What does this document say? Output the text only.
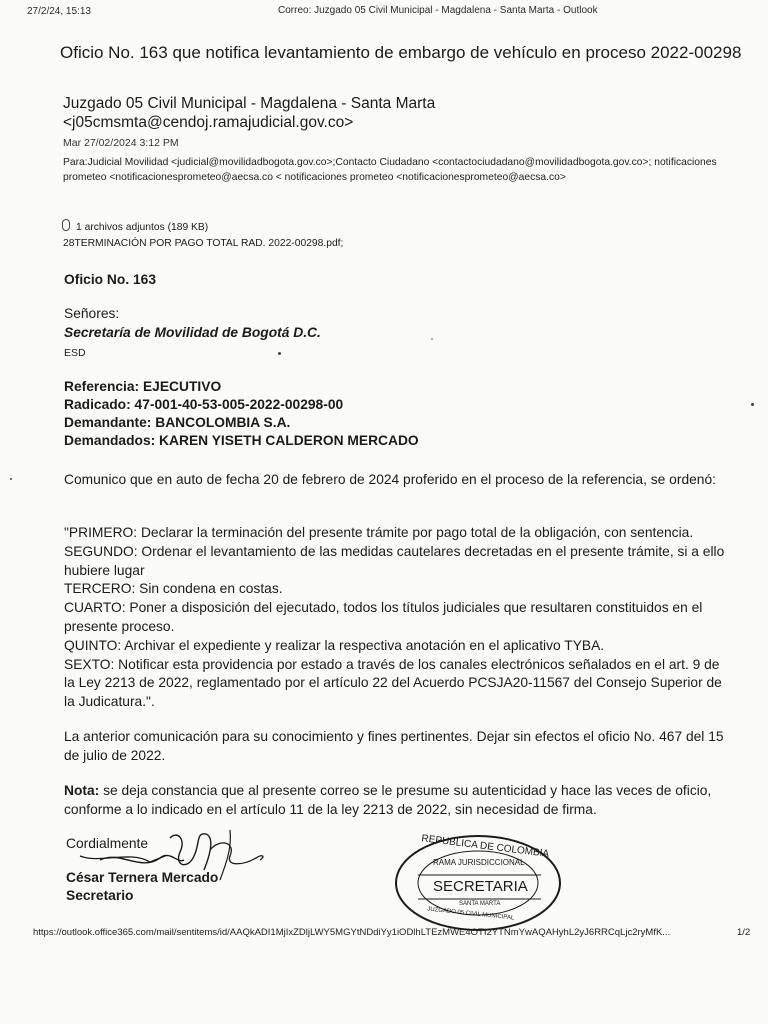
27/2/24, 15:13	Correo: Juzgado 05 Civil Municipal - Magdalena - Santa Marta - Outlook
Oficio No. 163 que notifica levantamiento de embargo de vehículo en proceso 2022-00298
Juzgado 05 Civil Municipal - Magdalena - Santa Marta
<j05cmsmta@cendoj.ramajudicial.gov.co>
Mar 27/02/2024 3:12 PM
Para:Judicial Movilidad <judicial@movilidadbogota.gov.co>;Contacto Ciudadano <contactociudadano@movilidadbogota.gov.co>; notificaciones prometeo <notificacionesprometeo@aecsa.co < notificaciones prometeo <notificacionesprometeo@aecsa.co>
1 archivos adjuntos (189 KB)
28TERMINACIÓN POR PAGO TOTAL RAD. 2022-00298.pdf;
Oficio No. 163
Señores:
Secretaría de Movilidad de Bogotá D.C.
ESD
Referencia: EJECUTIVO
Radicado: 47-001-40-53-005-2022-00298-00
Demandante: BANCOLOMBIA S.A.
Demandados: KAREN YISETH CALDERON MERCADO
Comunico que en auto de fecha 20 de febrero de 2024 proferido en el proceso de la referencia, se ordenó:
"PRIMERO: Declarar la terminación del presente trámite por pago total de la obligación, con sentencia.
SEGUNDO: Ordenar el levantamiento de las medidas cautelares decretadas en el presente trámite, si a ello hubiere lugar
TERCERO: Sin condena en costas.
CUARTO: Poner a disposición del ejecutado, todos los títulos judiciales que resultaren constituidos en el presente proceso.
QUINTO: Archivar el expediente y realizar la respectiva anotación en el aplicativo TYBA.
SEXTO: Notificar esta providencia por estado a través de los canales electrónicos señalados en el art. 9 de la Ley 2213 de 2022, reglamentado por el artículo 22 del Acuerdo PCSJA20-11567 del Consejo Superior de la Judicatura.".
La anterior comunicación para su conocimiento y fines pertinentes. Dejar sin efectos el oficio No. 467 del 15 de julio de 2022.
Nota: se deja constancia que al presente correo se le presume su autenticidad y hace las veces de oficio, conforme a lo indicado en el artículo 11 de la ley 2213 de 2022, sin necesidad de firma.
Cordialmente
César Ternera Mercado
Secretario
REPUBLICA DE COLOMBIA
RAMA JURISDICCIONAL
SECRETARIA
SANTA MARTA
JUZGADO 05 CIVIL MUNICIPAL
https://outlook.office365.com/mail/sentitems/id/AAQkADI1MjIxZDljLWY5MGYtNDdiYy1iODlhLTEzMWE4OTI2YTNmYwAQAHyhL2yJ6RRCqLjc2ryMfK...	1/2
